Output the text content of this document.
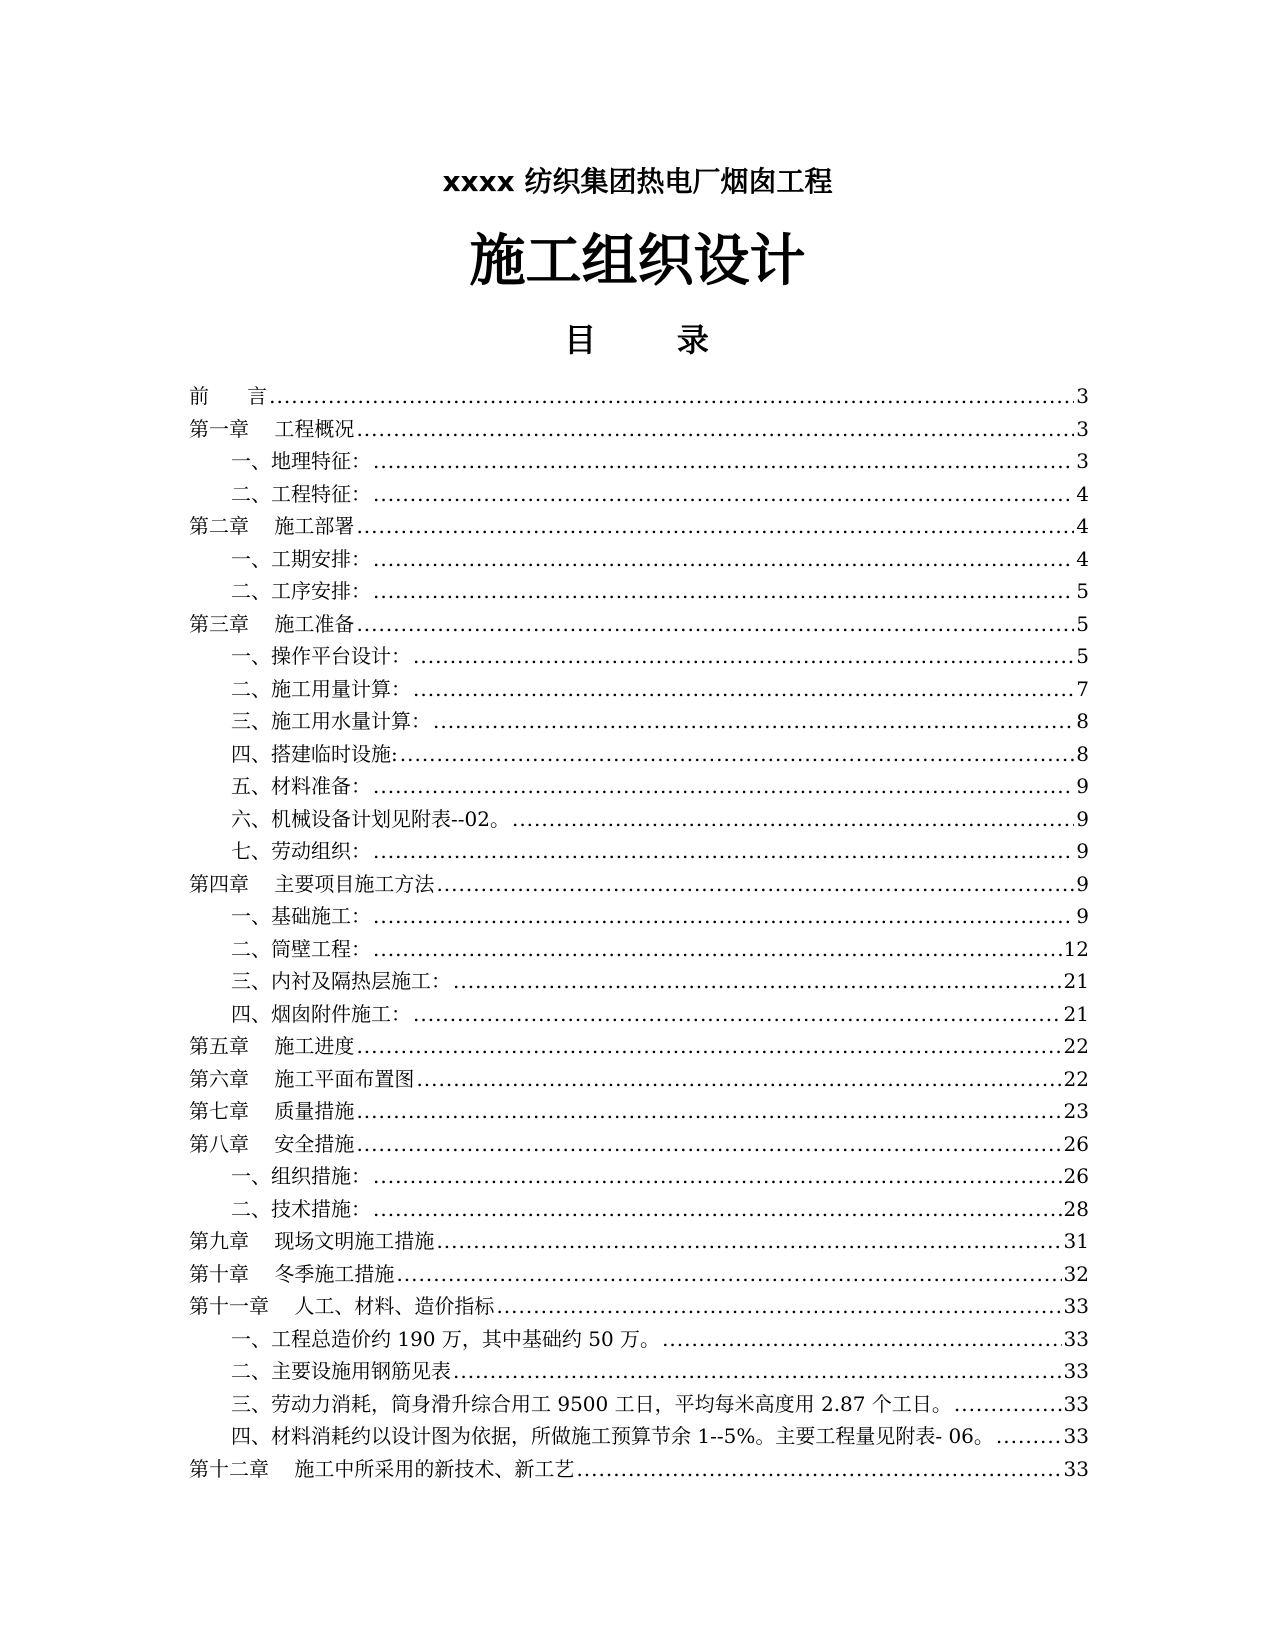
xxxx 纺织集团热电厂烟囱工程
施工组织设计
目      录
前      言 .....	3
第一章    工程概况 .....	3
一、地理特征： .....	3
二、工程特征： .....	4
第二章    施工部署 .....	4
一、工期安排： .....	4
二、工序安排： .....	5
第三章    施工准备 .....	5
一、操作平台设计： .....	5
二、施工用量计算： .....	7
三、施工用水量计算： .....	8
四、搭建临时设施: .....	8
五、材料准备： .....	9
六、机械设备计划见附表--02。 .....	9
七、劳动组织： .....	9
第四章    主要项目施工方法 .....	9
一、基础施工： .....	9
二、筒壁工程： .....	12
三、内衬及隔热层施工： .....	21
四、烟囱附件施工： .....	21
第五章    施工进度 .....	22
第六章    施工平面布置图 .....	22
第七章    质量措施 .....	23
第八章    安全措施 .....	26
一、组织措施： .....	26
二、技术措施： .....	28
第九章    现场文明施工措施 .....	31
第十章    冬季施工措施 .....	32
第十一章    人工、材料、造价指标 .....	33
一、工程总造价约 190 万，其中基础约 50 万。 .....	33
二、主要设施用钢筋见表 .....	33
三、劳动力消耗，筒身滑升综合用工 9500 工日，平均每米高度用 2.87 个工日。 .....	33
四、材料消耗约以设计图为依据，所做施工预算节余 1--5%。主要工程量见附表- 06。 .....	33
第十二章    施工中所采用的新技术、新工艺 .....	33
